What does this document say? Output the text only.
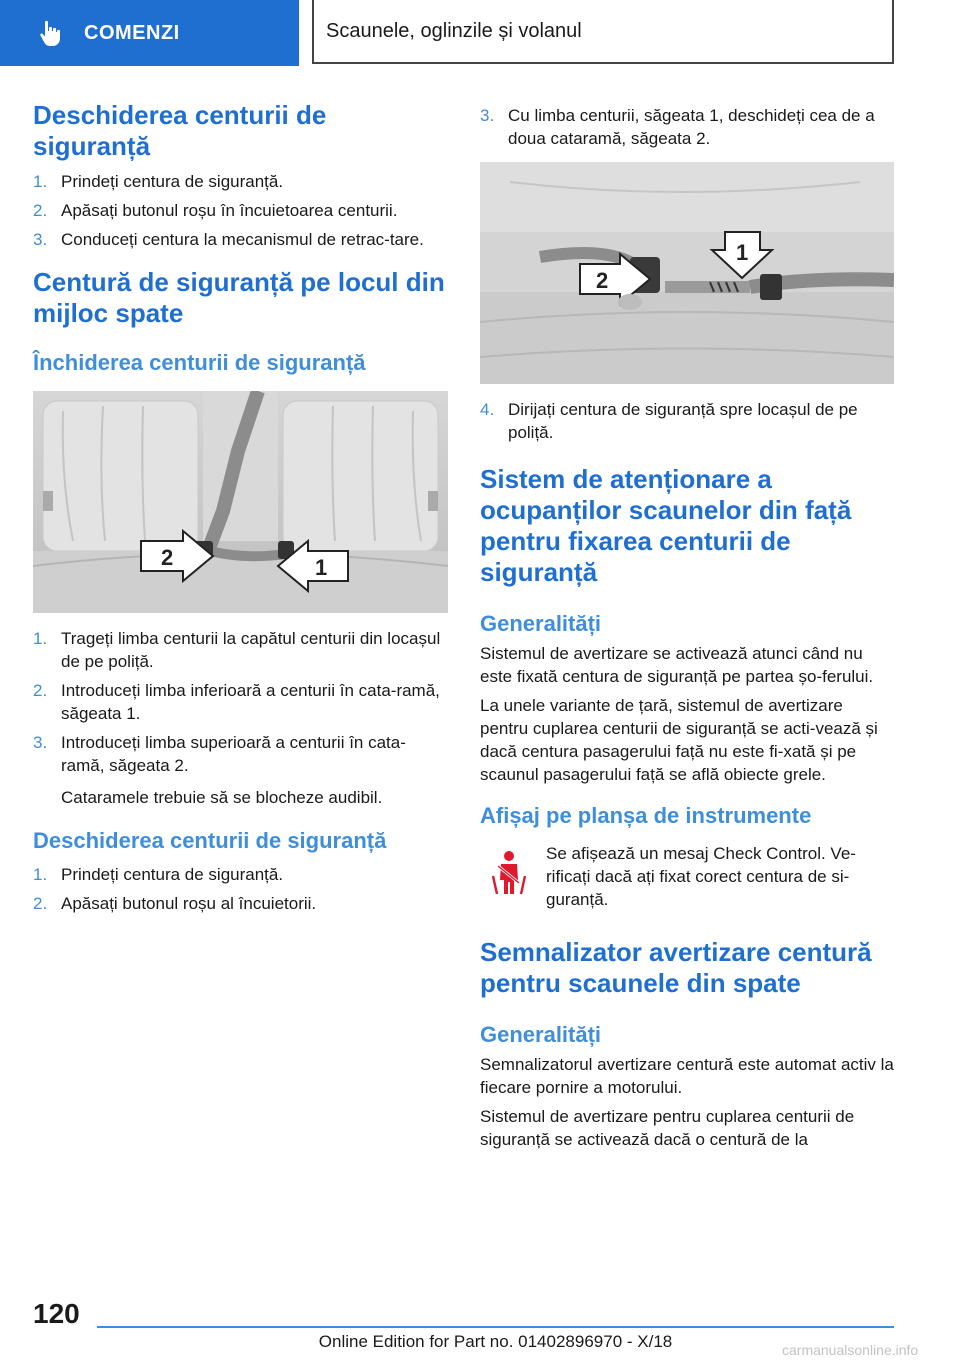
COMENZI	Scaunele, oglinzile și volanul
Deschiderea centurii de siguranță
1. Prindeți centura de siguranță.
2. Apăsați butonul roșu în încuietoarea centurii.
3. Conduceți centura la mecanismul de retrac-tare.
Centură de siguranță pe locul din mijloc spate
Închiderea centurii de siguranță
2	1
1. Trageți limba centurii la capătul centurii din locașul de pe poliță.
2. Introduceți limba inferioară a centurii în cata-ramă, săgeata 1.
3. Introduceți limba superioară a centurii în cata-ramă, săgeata 2.
Cataramele trebuie să se blocheze audibil.
Deschiderea centurii de siguranță
1. Prindeți centura de siguranță.
2. Apăsați butonul roșu al încuietorii.
3. Cu limba centurii, săgeata 1, deschideți cea de a doua cataramă, săgeata 2.
1
2
4. Dirijați centura de siguranță spre locașul de pe poliță.
Sistem de atenționare a ocupanților scaunelor din față pentru fixarea centurii de siguranță
Generalități

Sistemul de avertizare se activează atunci când nu este fixată centura de siguranță pe partea șo-ferului.

La unele variante de țară, sistemul de avertizare pentru cuplarea centurii de siguranță se acti-vează și dacă centura pasagerului față nu este fi-xată și pe scaunul pasagerului față se află obiecte grele.

Afișaj pe planșa de instrumente
Se afișează un mesaj Check Control. Ve-rificați dacă ați fixat corect centura de si-guranță.
Semnalizator avertizare centură pentru scaunele din spate
Generalități

Semnalizatorul avertizare centură este automat activ la fiecare pornire a motorului.

Sistemul de avertizare pentru cuplarea centurii de siguranță se activează dacă o centură de la

120
Online Edition for Part no. 01402896970 - X/18	carmanualsonline.info
